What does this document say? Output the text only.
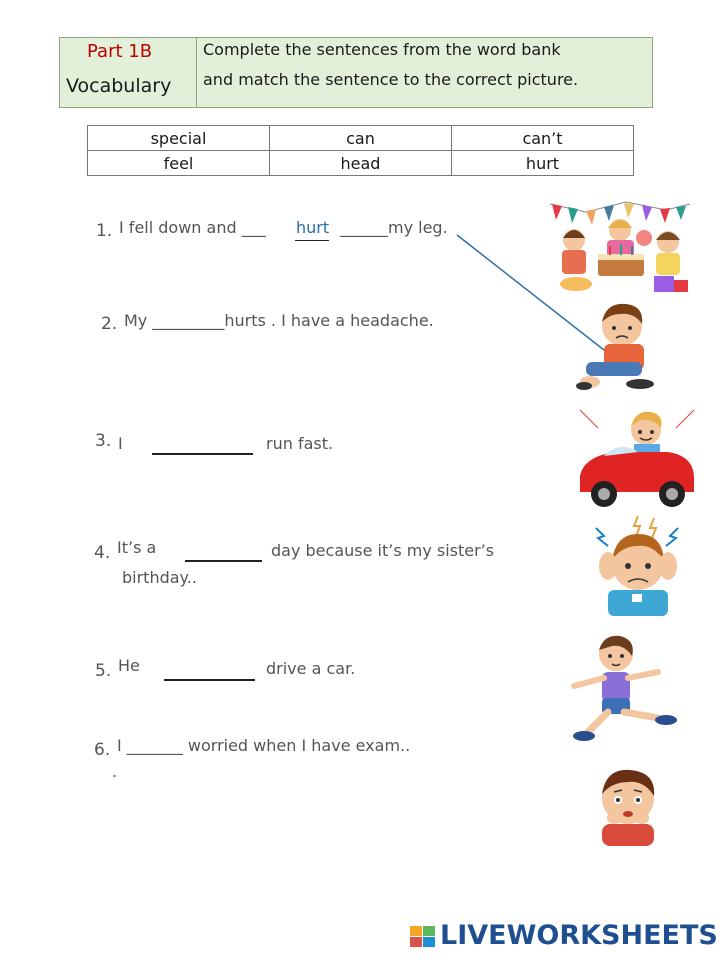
Part 1B
Vocabulary
Complete the sentences from the word bank
and match the sentence to the correct picture.
special	can	can’t
feel	head	hurt
1. I fell down and ___ hurt ______my leg.
2. My _________hurts . I have a headache.
3. I	run fast.
4. It’s a	day because it’s my sister’s
birthday..
5. He	drive a car.
6. I _______ worried when I have exam..
.
LIVEWORKSHEETS
